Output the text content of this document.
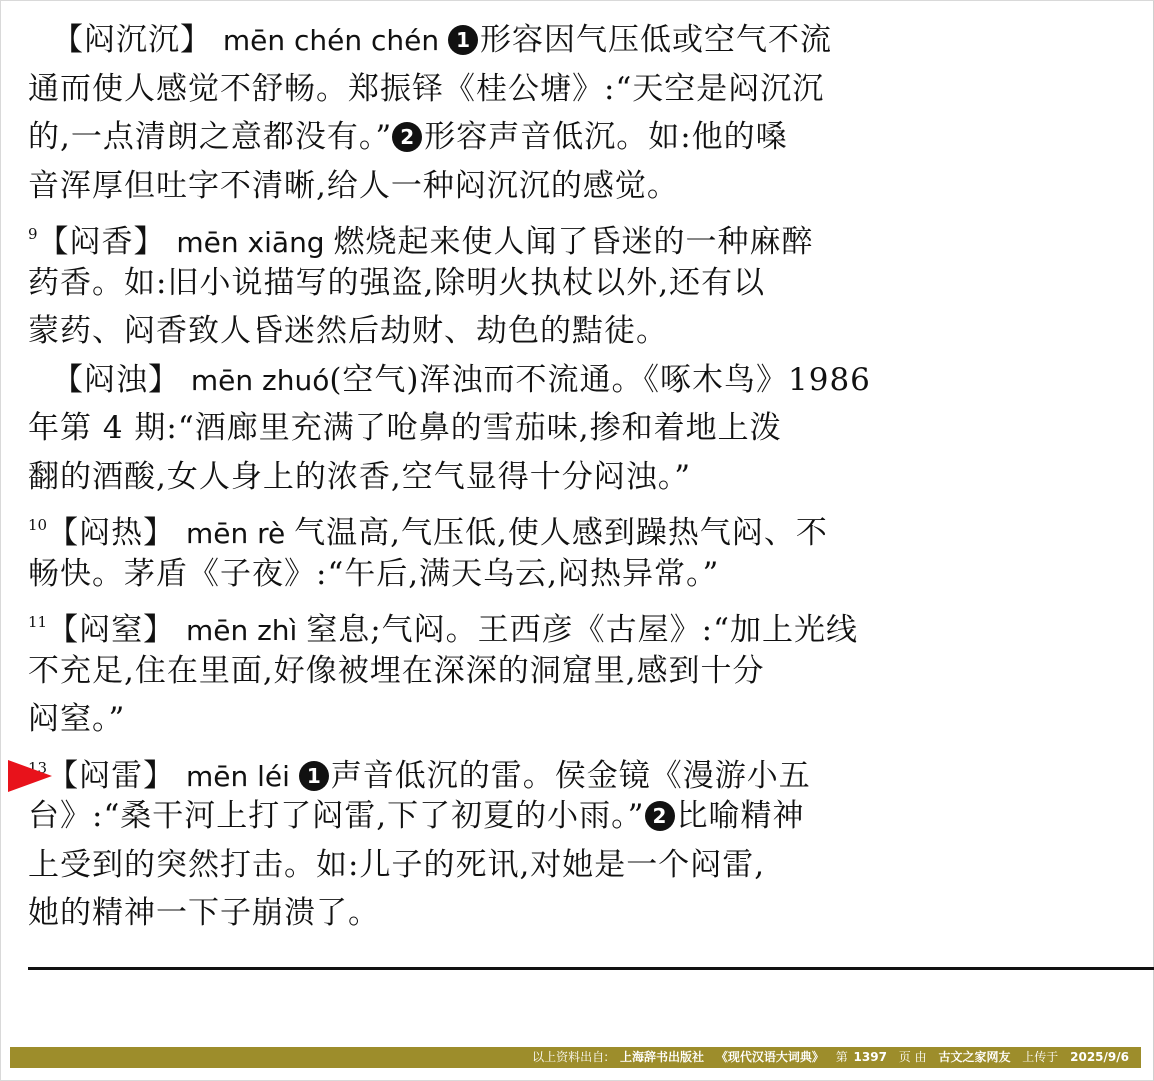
【闷沉沉】 mēn chén chén 1 形容因气压低或空气不流
通而使人感觉不舒畅。郑振铎《桂公塘》:“天空是闷沉沉
的,一点清朗之意都没有。” 2 形容声音低沉。如:他的嗓
音浑厚但吐字不清晰,给人一种闷沉沉的感觉。
$^9$【闷香】 mēn xiāng 燃烧起来使人闻了昏迷的一种麻醉
药香。如:旧小说描写的强盗,除明火执杖以外,还有以
蒙药、闷香致人昏迷然后劫财、劫色的黠徒。
【闷浊】 mēn zhuó(空气)浑浊而不流通。《啄木鸟》1986
年第 4 期:“酒廊里充满了呛鼻的雪茄味,掺和着地上泼
翻的酒酸,女人身上的浓香,空气显得十分闷浊。”
$^{10}$【闷热】 mēn rè 气温高,气压低,使人感到躁热气闷、不
畅快。茅盾《子夜》:“午后,满天乌云,闷热异常。”
$^{11}$【闷窒】 mēn zhì 窒息;气闷。王西彦《古屋》:“加上光线
不充足,住在里面,好像被埋在深深的洞窟里,感到十分
闷窒。”
$^{13}$【闷雷】 mēn léi 1 声音低沉的雷。侯金镜《漫游小五
台》:“桑干河上打了闷雷,下了初夏的小雨。” 2 比喻精神
上受到的突然打击。如:儿子的死讯,对她是一个闷雷,
她的精神一下子崩溃了。
以上资料出自: 上海辞书出版社 《现代汉语大词典》 第 1397 页 由 古文之家网友 上传于 2025/9/6
